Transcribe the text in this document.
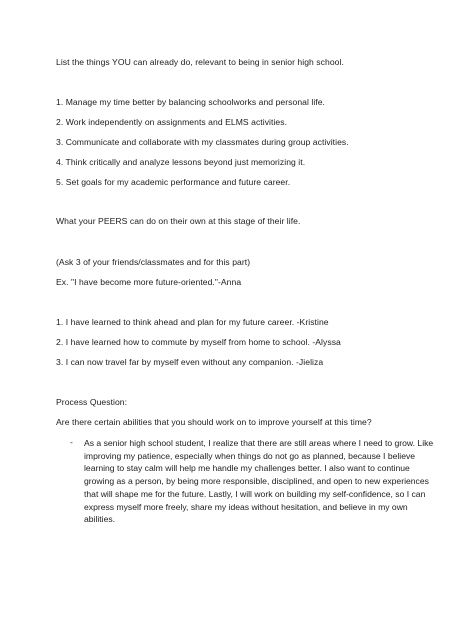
List the things YOU can already do, relevant to being in senior high school.
1. Manage my time better by balancing schoolworks and personal life.
2. Work independently on assignments and ELMS activities.
3. Communicate and collaborate with my classmates during group activities.
4. Think critically and analyze lessons beyond just memorizing it.
5. Set goals for my academic performance and future career.
What your PEERS can do on their own at this stage of their life.
(Ask 3 of your friends/classmates and for this part)
Ex. "I have become more future-oriented."-Anna
1. I have learned to think ahead and plan for my future career. -Kristine
2. I have learned how to commute by myself from home to school. -Alyssa
3. I can now travel far by myself even without any companion. -Jieliza
Process Question:
Are there certain abilities that you should work on to improve yourself at this time?
- As a senior high school student, I realize that there are still areas where I need to grow. Like improving my patience, especially when things do not go as planned, because I believe learning to stay calm will help me handle my challenges better. I also want to continue growing as a person, by being more responsible, disciplined, and open to new experiences that will shape me for the future. Lastly, I will work on building my self-confidence, so I can express myself more freely, share my ideas without hesitation, and believe in my own abilities.
